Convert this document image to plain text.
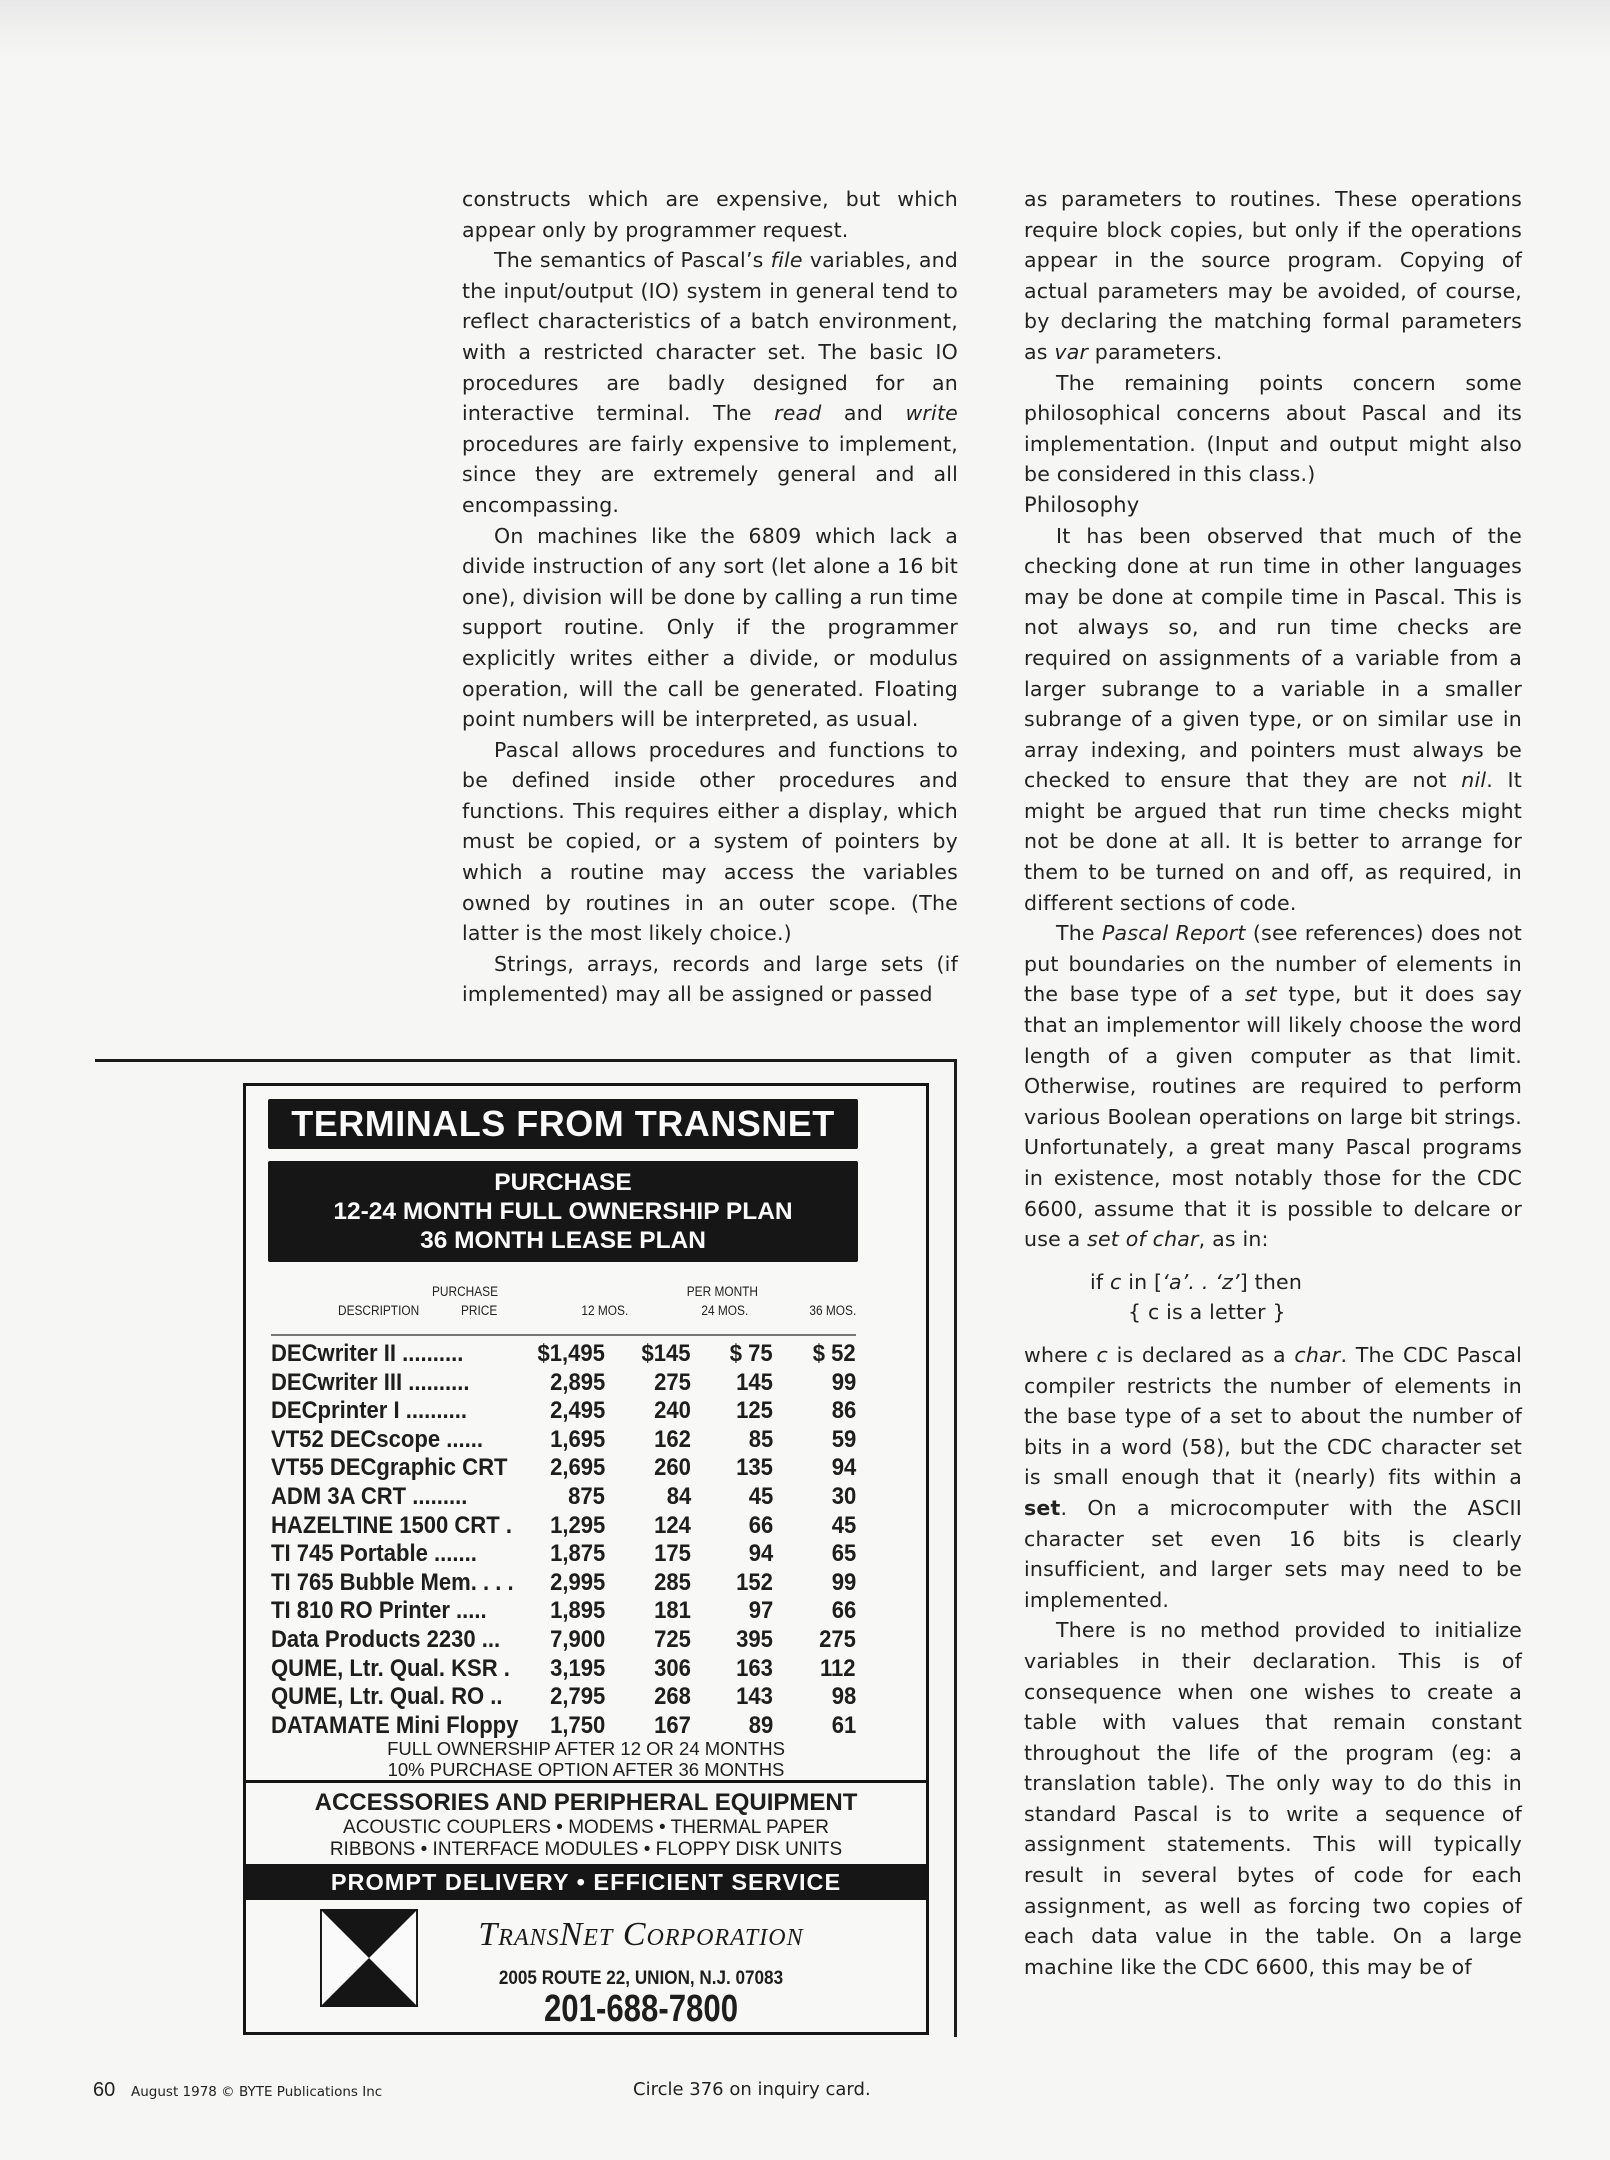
constructs which are expensive, but which appear only by programmer request.

The semantics of Pascal’s file variables, and the input/output (IO) system in general tend to reflect characteristics of a batch environment, with a restricted character set. The basic IO procedures are badly designed for an interactive terminal. The read and write procedures are fairly expensive to implement, since they are extremely general and all encompassing.

On machines like the 6809 which lack a divide instruction of any sort (let alone a 16 bit one), division will be done by calling a run time support routine. Only if the programmer explicitly writes either a divide, or modulus operation, will the call be generated. Floating point numbers will be interpreted, as usual.

Pascal allows procedures and functions to be defined inside other procedures and functions. This requires either a display, which must be copied, or a system of pointers by which a routine may access the variables owned by routines in an outer scope. (The latter is the most likely choice.)

Strings, arrays, records and large sets (if implemented) may all be assigned or passed

as parameters to routines. These operations require block copies, but only if the operations appear in the source program. Copying of actual parameters may be avoided, of course, by declaring the matching formal parameters as var parameters.

The remaining points concern some philosophical concerns about Pascal and its implementation. (Input and output might also be considered in this class.)

Philosophy

It has been observed that much of the checking done at run time in other languages may be done at compile time in Pascal. This is not always so, and run time checks are required on assignments of a variable from a larger subrange to a variable in a smaller subrange of a given type, or on similar use in array indexing, and pointers must always be checked to ensure that they are not nil. It might be argued that run time checks might not be done at all. It is better to arrange for them to be turned on and off, as required, in different sections of code.

The Pascal Report (see references) does not put boundaries on the number of elements in the base type of a set type, but it does say that an implementor will likely choose the word length of a given computer as that limit. Otherwise, routines are required to perform various Boolean operations on large bit strings. Unfortunately, a great many Pascal programs in existence, most notably those for the CDC 6600, assume that it is possible to delcare or use a set of char, as in:

if c in [‘a’. . ‘z’] then
{ c is a letter }

where c is declared as a char. The CDC Pascal compiler restricts the number of elements in the base type of a set to about the number of bits in a word (58), but the CDC character set is small enough that it (nearly) fits within a set. On a microcomputer with the ASCII character set even 16 bits is clearly insufficient, and larger sets may need to be implemented.

There is no method provided to initialize variables in their declaration. This is of consequence when one wishes to create a table with values that remain constant throughout the life of the program (eg: a translation table). The only way to do this in standard Pascal is to write a sequence of assignment statements. This will typically result in several bytes of code for each assignment, as well as forcing two copies of each data value in the table. On a large machine like the CDC 6600, this may be of

TERMINALS FROM TRANSNET
PURCHASE
12-24 MONTH FULL OWNERSHIP PLAN
36 MONTH LEASE PLAN
DESCRIPTION
PURCHASE
PRICE
PER MONTH
12 MOS.	24 MOS.	36 MOS.
DECwriter II ..........	$1,495 $145 $ 75 $ 52
DECwriter III ..........	2,895 275 145 99
DECprinter I ..........	2,495 240 125 86
VT52 DECscope ......	1,695 162 85 59
VT55 DECgraphic CRT 2,695 260 135 94
ADM 3A CRT .........	875	84 45 30
HAZELTINE 1500 CRT . 1,295 124 66 45
TI 745 Portable .......	1,875 175 94 65
TI 765 Bubble Mem. . . . 2,995 285 152 99
TI 810 RO Printer .....	1,895 181 97 66
Data Products 2230 ... 7,900 725 395 275
QUME, Ltr. Qual. KSR . 3,195 306 163 112
QUME, Ltr. Qual. RO .. 2,795 268 143 98
DATAMATE Mini Floppy 1,750 167 89 61
FULL OWNERSHIP AFTER 12 OR 24 MONTHS
10% PURCHASE OPTION AFTER 36 MONTHS
ACCESSORIES AND PERIPHERAL EQUIPMENT
ACOUSTIC COUPLERS • MODEMS • THERMAL PAPER
RIBBONS • INTERFACE MODULES • FLOPPY DISK UNITS
PROMPT DELIVERY • EFFICIENT SERVICE
TransNet Corporation
2005 ROUTE 22, UNION, N.J. 07083
201-688-7800
60 August 1978 © BYTE Publications Inc	Circle 376 on inquiry card.
